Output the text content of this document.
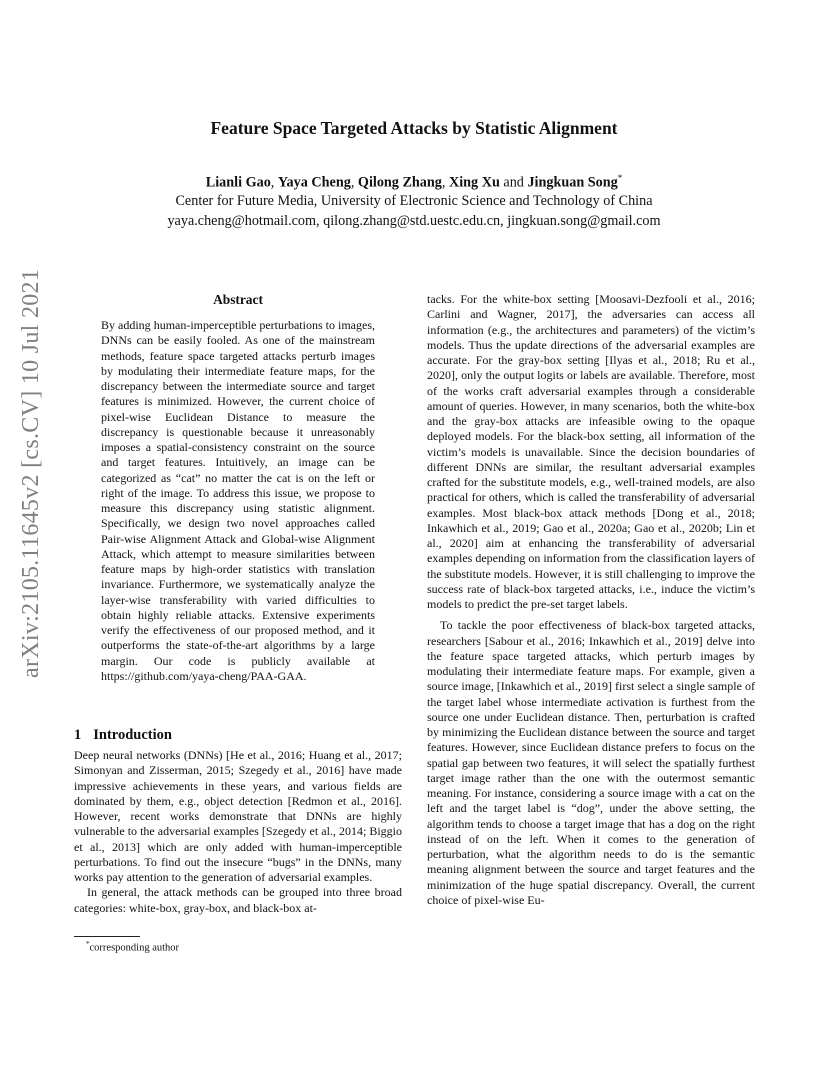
Feature Space Targeted Attacks by Statistic Alignment
Lianli Gao, Yaya Cheng, Qilong Zhang, Xing Xu and Jingkuan Song*
Center for Future Media, University of Electronic Science and Technology of China
yaya.cheng@hotmail.com, qilong.zhang@std.uestc.edu.cn, jingkuan.song@gmail.com
arXiv:2105.11645v2 [cs.CV] 10 Jul 2021	Abstract
By adding human-imperceptible perturbations to images, DNNs can be easily fooled. As one of the mainstream methods, feature space targeted attacks perturb images by modulating their intermediate feature maps, for the discrepancy between the intermediate source and target features is minimized. However, the current choice of pixel-wise Euclidean Distance to measure the discrepancy is questionable because it unreasonably imposes a spatial-consistency constraint on the source and target features. Intuitively, an image can be categorized as “cat” no matter the cat is on the left or right of the image. To address this issue, we propose to measure this discrepancy using statistic alignment. Specifically, we design two novel approaches called Pair-wise Alignment Attack and Global-wise Alignment Attack, which attempt to measure similarities between feature maps by high-order statistics with translation invariance. Furthermore, we systematically analyze the layer-wise transferability with varied difficulties to obtain highly reliable attacks. Extensive experiments verify the effectiveness of our proposed method, and it outperforms the state-of-the-art algorithms by a large margin. Our code is publicly available at https://github.com/yaya-cheng/PAA-GAA.
1 Introduction

Deep neural networks (DNNs) [He et al., 2016; Huang et al., 2017; Simonyan and Zisserman, 2015; Szegedy et al., 2016] have made impressive achievements in these years, and various fields are dominated by them, e.g., object detection [Redmon et al., 2016]. However, recent works demonstrate that DNNs are highly vulnerable to the adversarial examples [Szegedy et al., 2014; Biggio et al., 2013] which are only added with human-imperceptible perturbations. To find out the insecure “bugs” in the DNNs, many works pay attention to the generation of adversarial examples.

In general, the attack methods can be grouped into three broad categories: white-box, gray-box, and black-box at-

tacks. For the white-box setting [Moosavi-Dezfooli et al., 2016; Carlini and Wagner, 2017], the adversaries can access all information (e.g., the architectures and parameters) of the victim’s models. Thus the update directions of the adversarial examples are accurate. For the gray-box setting [Ilyas et al., 2018; Ru et al., 2020], only the output logits or labels are available. Therefore, most of the works craft adversarial examples through a considerable amount of queries. However, in many scenarios, both the white-box and the gray-box attacks are infeasible owing to the opaque deployed models. For the black-box setting, all information of the victim’s models is unavailable. Since the decision boundaries of different DNNs are similar, the resultant adversarial examples crafted for the substitute models, e.g., well-trained models, are also practical for others, which is called the transferability of adversarial examples. Most black-box attack methods [Dong et al., 2018; Inkawhich et al., 2019; Gao et al., 2020a; Gao et al., 2020b; Lin et al., 2020] aim at enhancing the transferability of adversarial examples depending on information from the classification layers of the substitute models. However, it is still challenging to improve the success rate of black-box targeted attacks, i.e., induce the victim’s models to predict the pre-set target labels.

To tackle the poor effectiveness of black-box targeted attacks, researchers [Sabour et al., 2016; Inkawhich et al., 2019] delve into the feature space targeted attacks, which perturb images by modulating their intermediate feature maps. For example, given a source image, [Inkawhich et al., 2019] first select a single sample of the target label whose intermediate activation is furthest from the source one under Euclidean distance. Then, perturbation is crafted by minimizing the Euclidean distance between the source and target features. However, since Euclidean distance prefers to focus on the spatial gap between two features, it will select the spatially furthest target image rather than the one with the outermost semantic meaning. For instance, considering a source image with a cat on the left and the target label is “dog”, under the above setting, the algorithm tends to choose a target image that has a dog on the right instead of on the left. When it comes to the generation of perturbation, what the algorithm needs to do is the semantic meaning alignment between the source and target features and the minimization of the huge spatial discrepancy. Overall, the current choice of pixel-wise Eu-

*corresponding author
